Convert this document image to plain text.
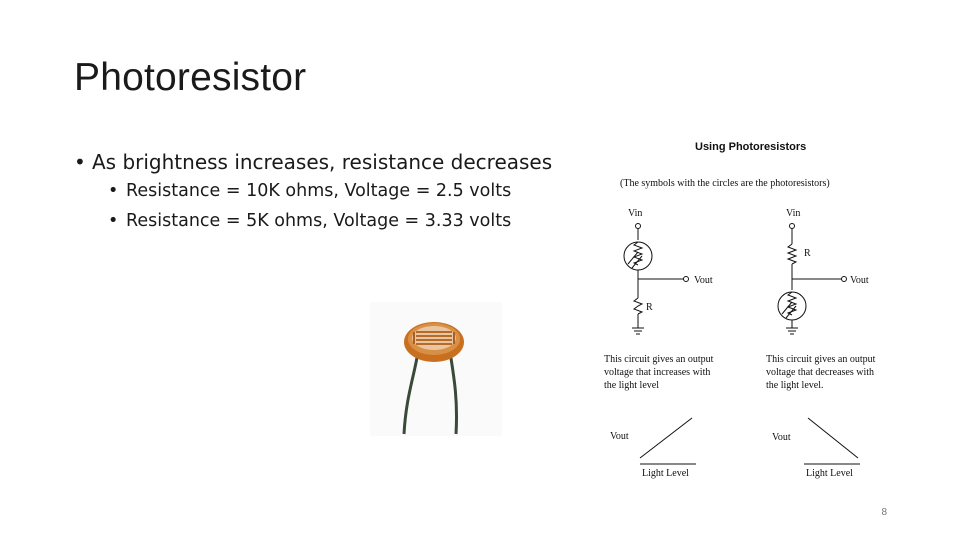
Photoresistor
• As brightness increases, resistance decreases
• Resistance = 10K ohms, Voltage = 2.5 volts
• Resistance = 5K ohms, Voltage = 3.33 volts
Using Photoresistors
(The symbols with the circles are the photoresistors)
Vin
Vout
R
This circuit gives an output
voltage that increases with
the light level
Vout
Light Level
Vin
R
Vout
This circuit gives an output
voltage that decreases with
the light level.
Vout
Light Level
8
